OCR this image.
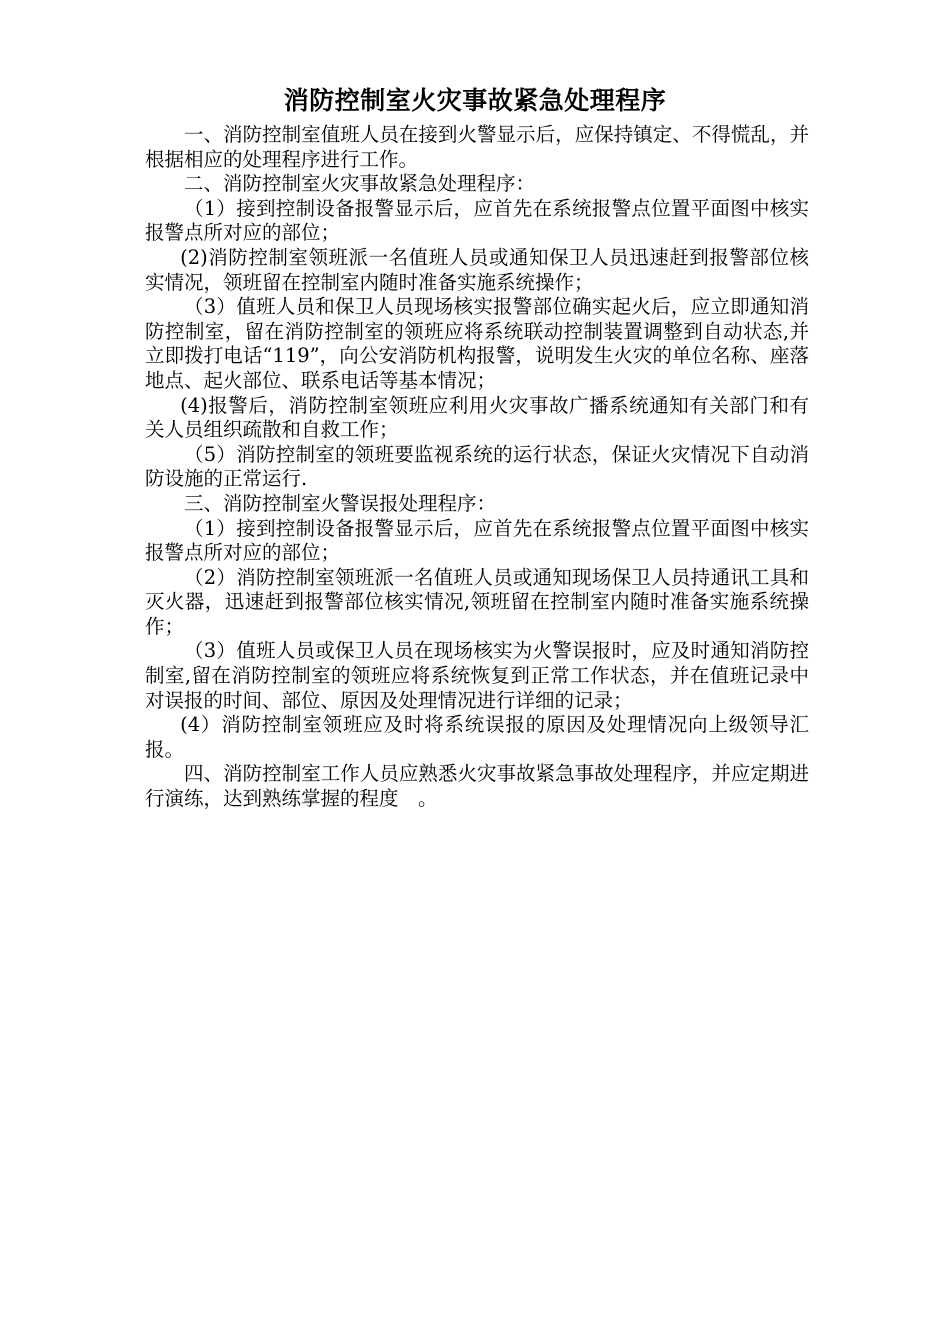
消防控制室火灾事故紧急处理程序

一、消防控制室值班人员在接到火警显示后，应保持镇定、不得慌乱，并根据相应的处理程序进行工作。

二、消防控制室火灾事故紧急处理程序：

（1）接到控制设备报警显示后，应首先在系统报警点位置平面图中核实报警点所对应的部位；

(2)消防控制室领班派一名值班人员或通知保卫人员迅速赶到报警部位核实情况，领班留在控制室内随时准备实施系统操作；

（3）值班人员和保卫人员现场核实报警部位确实起火后，应立即通知消防控制室，留在消防控制室的领班应将系统联动控制装置调整到自动状态,并立即拨打电话“119”，向公安消防机构报警，说明发生火灾的单位名称、座落地点、起火部位、联系电话等基本情况；

(4)报警后，消防控制室领班应利用火灾事故广播系统通知有关部门和有关人员组织疏散和自救工作；

（5）消防控制室的领班要监视系统的运行状态，保证火灾情况下自动消防设施的正常运行.

三、消防控制室火警误报处理程序：

（1）接到控制设备报警显示后，应首先在系统报警点位置平面图中核实报警点所对应的部位；

（2）消防控制室领班派一名值班人员或通知现场保卫人员持通讯工具和灭火器，迅速赶到报警部位核实情况,领班留在控制室内随时准备实施系统操作；

（3）值班人员或保卫人员在现场核实为火警误报时，应及时通知消防控制室,留在消防控制室的领班应将系统恢复到正常工作状态，并在值班记录中对误报的时间、部位、原因及处理情况进行详细的记录；

(4）消防控制室领班应及时将系统误报的原因及处理情况向上级领导汇报。

四、消防控制室工作人员应熟悉火灾事故紧急事故处理程序，并应定期进行演练，达到熟练掌握的程度　。
